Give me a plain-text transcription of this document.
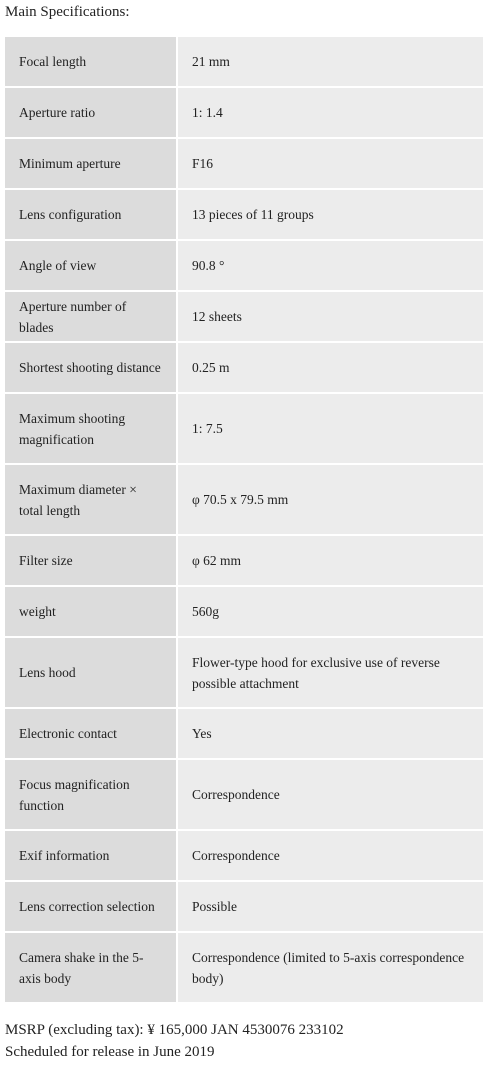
Main Specifications:
Focal length	21 mm
Aperture ratio	1: 1.4
Minimum aperture	F16
Lens configuration	13 pieces of 11 groups
Angle of view	90.8 °
Aperture number of blades	12 sheets
Shortest shooting distance	0.25 m
Maximum shooting magnification	1: 7.5
Maximum diameter × total length	φ 70.5 x 79.5 mm
Filter size	φ 62 mm
weight	560g
Lens hood	Flower-type hood for exclusive use of reverse possible attachment
Electronic contact	Yes
Focus magnification function	Correspondence
Exif information	Correspondence
Lens correction selection	Possible
Camera shake in the 5-axis body	Correspondence (limited to 5-axis correspondence body)
MSRP (excluding tax): ¥ 165,000 JAN 4530076 233102
Scheduled for release in June 2019
